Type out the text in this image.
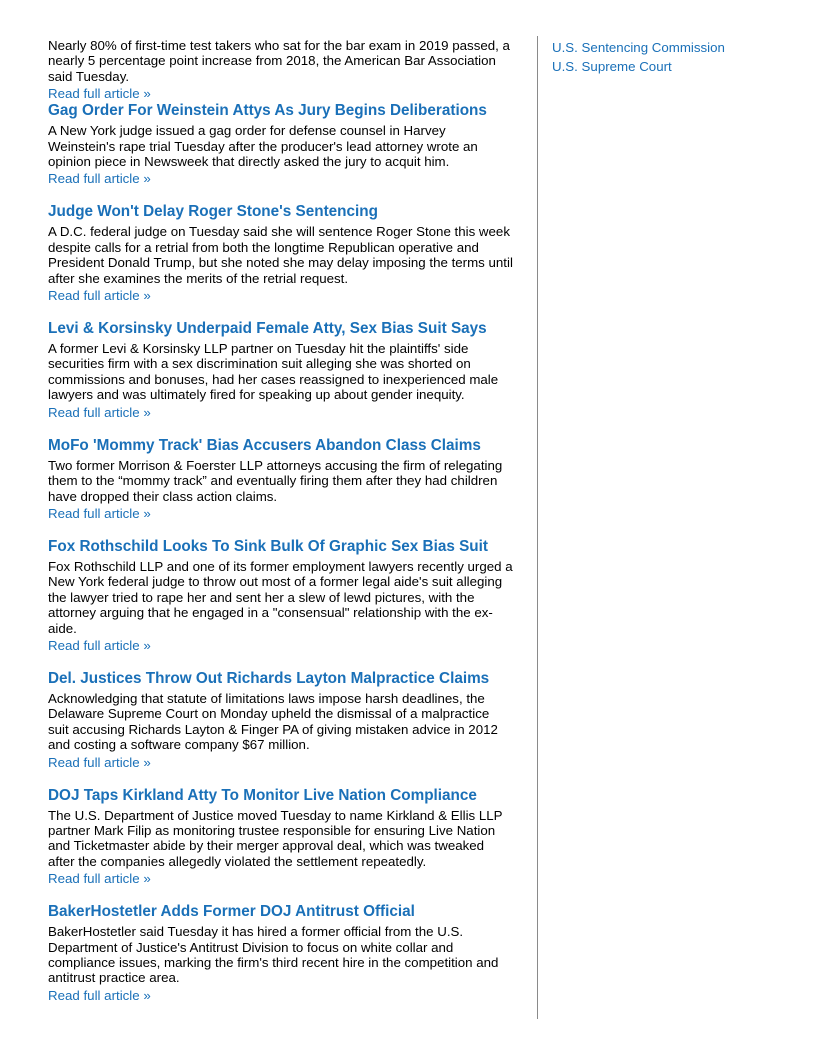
Nearly 80% of first-time test takers who sat for the bar exam in 2019 passed, a nearly 5 percentage point increase from 2018, the American Bar Association said Tuesday.

Read full article »
Gag Order For Weinstein Attys As Jury Begins Deliberations

A New York judge issued a gag order for defense counsel in Harvey Weinstein's rape trial Tuesday after the producer's lead attorney wrote an opinion piece in Newsweek that directly asked the jury to acquit him.

Read full article »
Judge Won't Delay Roger Stone's Sentencing

A D.C. federal judge on Tuesday said she will sentence Roger Stone this week despite calls for a retrial from both the longtime Republican operative and President Donald Trump, but she noted she may delay imposing the terms until after she examines the merits of the retrial request.

Read full article »
Levi & Korsinsky Underpaid Female Atty, Sex Bias Suit Says

A former Levi & Korsinsky LLP partner on Tuesday hit the plaintiffs' side securities firm with a sex discrimination suit alleging she was shorted on commissions and bonuses, had her cases reassigned to inexperienced male lawyers and was ultimately fired for speaking up about gender inequity.

Read full article »
MoFo 'Mommy Track' Bias Accusers Abandon Class Claims

Two former Morrison & Foerster LLP attorneys accusing the firm of relegating them to the “mommy track” and eventually firing them after they had children have dropped their class action claims.

Read full article »
Fox Rothschild Looks To Sink Bulk Of Graphic Sex Bias Suit

Fox Rothschild LLP and one of its former employment lawyers recently urged a New York federal judge to throw out most of a former legal aide's suit alleging the lawyer tried to rape her and sent her a slew of lewd pictures, with the attorney arguing that he engaged in a "consensual" relationship with the ex-aide.

Read full article »
Del. Justices Throw Out Richards Layton Malpractice Claims

Acknowledging that statute of limitations laws impose harsh deadlines, the Delaware Supreme Court on Monday upheld the dismissal of a malpractice suit accusing Richards Layton & Finger PA of giving mistaken advice in 2012 and costing a software company $67 million.

Read full article »
DOJ Taps Kirkland Atty To Monitor Live Nation Compliance

The U.S. Department of Justice moved Tuesday to name Kirkland & Ellis LLP partner Mark Filip as monitoring trustee responsible for ensuring Live Nation and Ticketmaster abide by their merger approval deal, which was tweaked after the companies allegedly violated the settlement repeatedly.

Read full article »
BakerHostetler Adds Former DOJ Antitrust Official

BakerHostetler said Tuesday it has hired a former official from the U.S. Department of Justice's Antitrust Division to focus on white collar and compliance issues, marking the firm's third recent hire in the competition and antitrust practice area.

Read full article »
U.S. Sentencing Commission
U.S. Supreme Court
